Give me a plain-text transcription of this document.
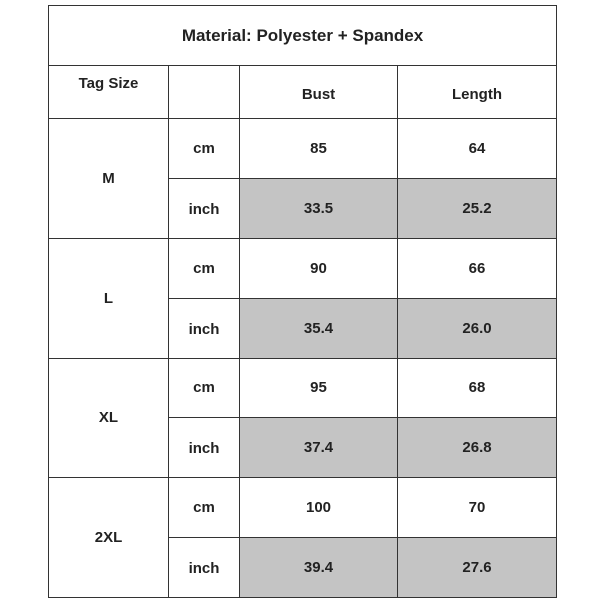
Material: Polyester + Spandex			
Tag Size		Bust	Length
M	cm	85	64
	inch	33.5	25.2
L	cm	90	66
	inch	35.4	26.0
XL	cm	95	68
	inch	37.4	26.8
2XL	cm	100	70
	inch	39.4	27.6
